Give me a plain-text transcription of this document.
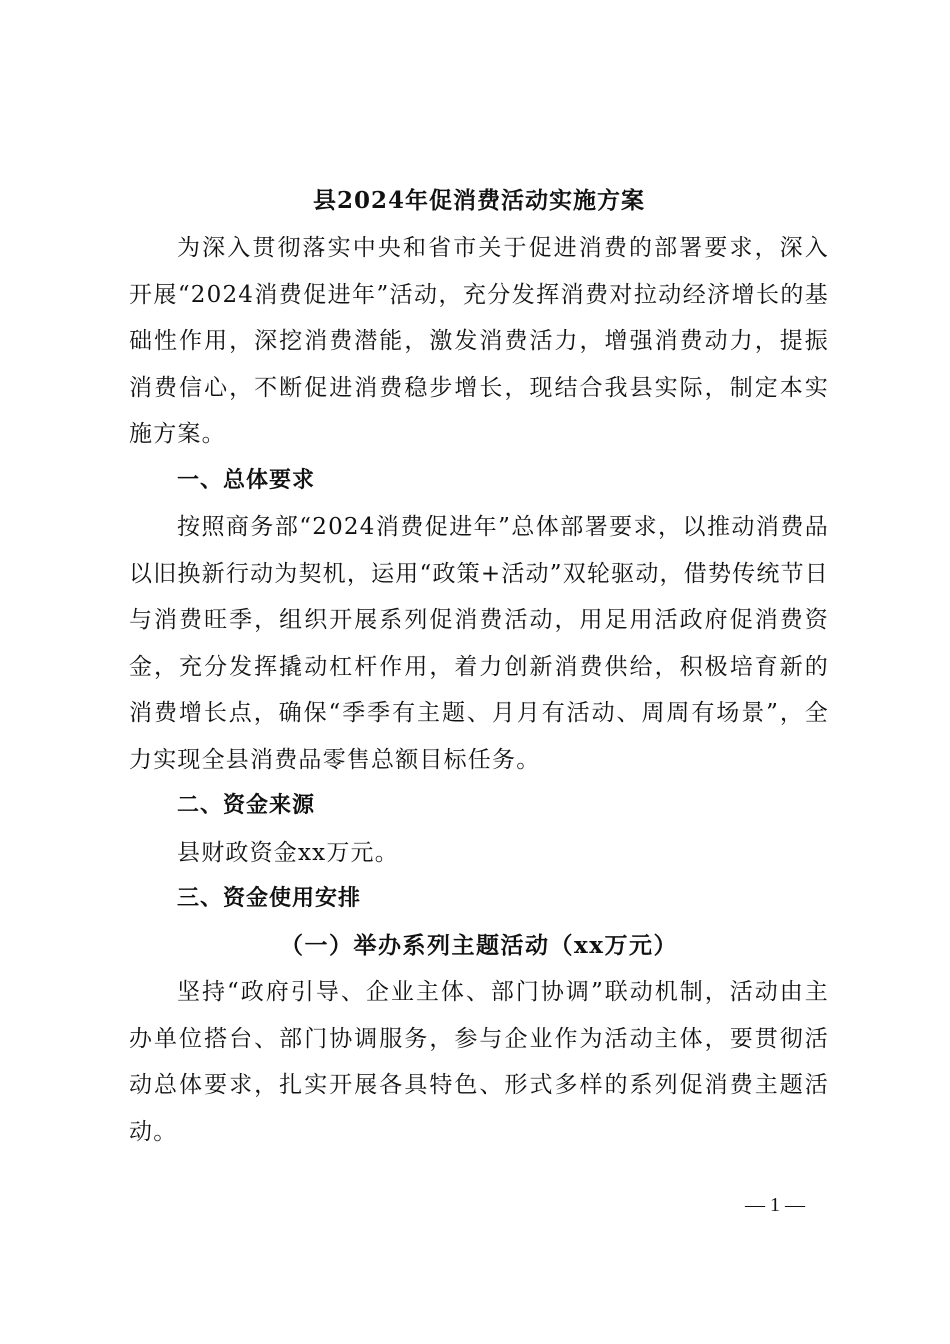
县2024年促消费活动实施方案

为深入贯彻落实中央和省市关于促进消费的部署要求，深入开展“2024消费促进年”活动，充分发挥消费对拉动经济增长的基础性作用，深挖消费潜能，激发消费活力，增强消费动力，提振消费信心，不断促进消费稳步增长，现结合我县实际，制定本实施方案。

一、总体要求

按照商务部“2024消费促进年”总体部署要求，以推动消费品以旧换新行动为契机，运用“政策+活动”双轮驱动，借势传统节日与消费旺季，组织开展系列促消费活动，用足用活政府促消费资金，充分发挥撬动杠杆作用，着力创新消费供给，积极培育新的消费增长点，确保“季季有主题、月月有活动、周周有场景”，全力实现全县消费品零售总额目标任务。

二、资金来源

县财政资金xx万元。

三、资金使用安排

（一）举办系列主题活动（xx万元）

坚持“政府引导、企业主体、部门协调”联动机制，活动由主办单位搭台、部门协调服务，参与企业作为活动主体，要贯彻活动总体要求，扎实开展各具特色、形式多样的系列促消费主题活动。

— 1 —
